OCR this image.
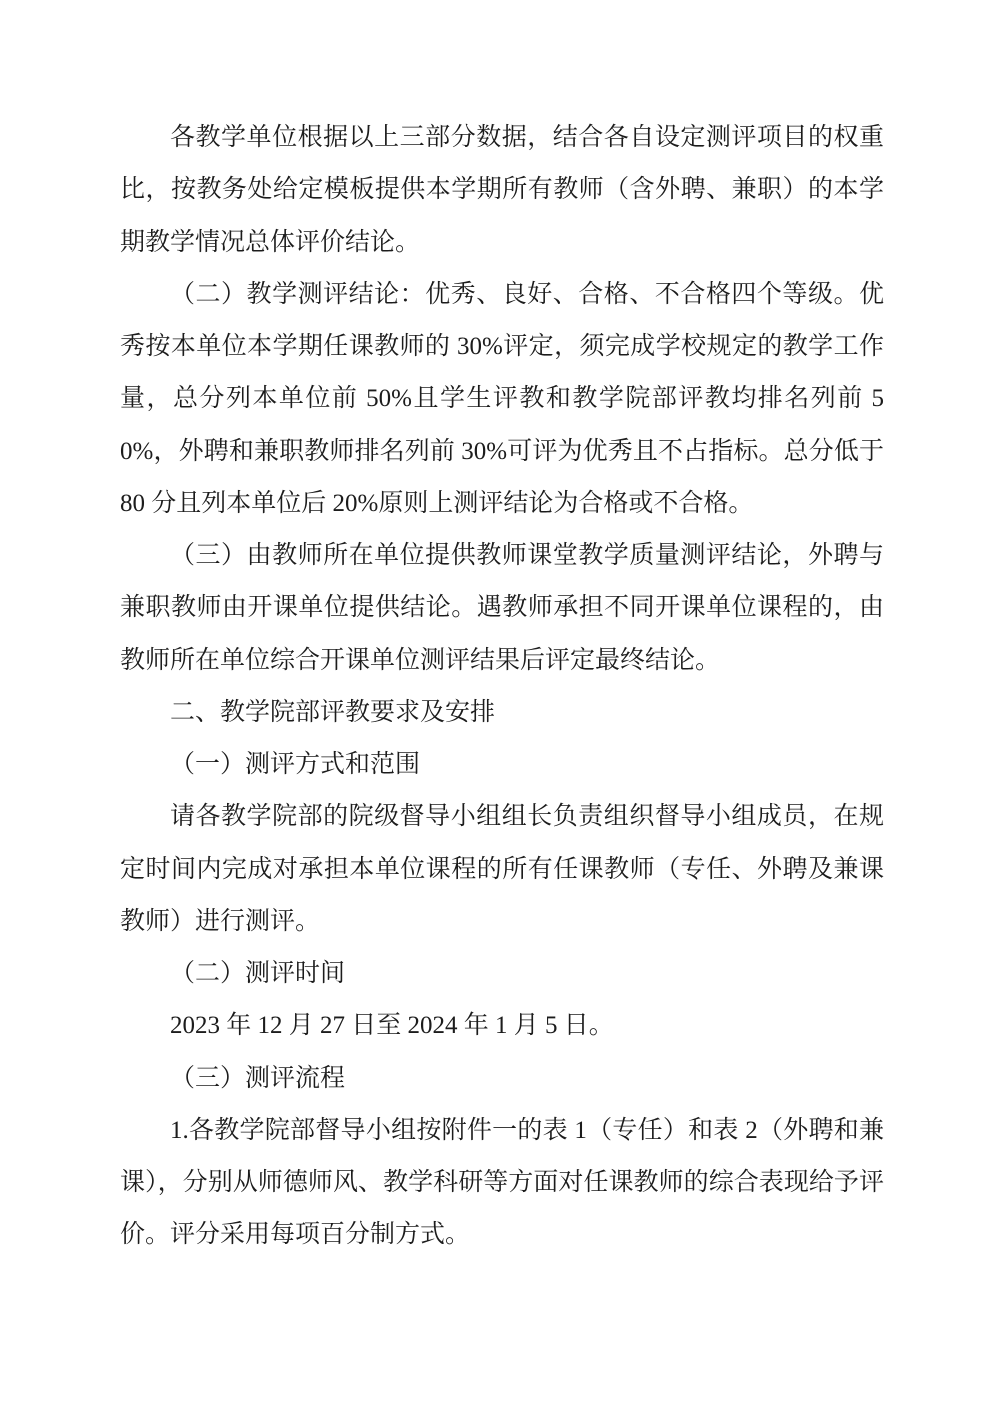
各教学单位根据以上三部分数据，结合各自设定测评项目的权重比，按教务处给定模板提供本学期所有教师（含外聘、兼职）的本学期教学情况总体评价结论。

（二）教学测评结论：优秀、良好、合格、不合格四个等级。优秀按本单位本学期任课教师的 30%评定，须完成学校规定的教学工作量，总分列本单位前 50%且学生评教和教学院部评教均排名列前 50%，外聘和兼职教师排名列前 30%可评为优秀且不占指标。总分低于 80 分且列本单位后 20%原则上测评结论为合格或不合格。

（三）由教师所在单位提供教师课堂教学质量测评结论，外聘与兼职教师由开课单位提供结论。遇教师承担不同开课单位课程的，由教师所在单位综合开课单位测评结果后评定最终结论。

二、教学院部评教要求及安排

（一）测评方式和范围

请各教学院部的院级督导小组组长负责组织督导小组成员，在规定时间内完成对承担本单位课程的所有任课教师（专任、外聘及兼课教师）进行测评。

（二）测评时间

2023 年 12 月 27 日至 2024 年 1 月 5 日。

（三）测评流程

1.各教学院部督导小组按附件一的表 1（专任）和表 2（外聘和兼课），分别从师德师风、教学科研等方面对任课教师的综合表现给予评价。评分采用每项百分制方式。
